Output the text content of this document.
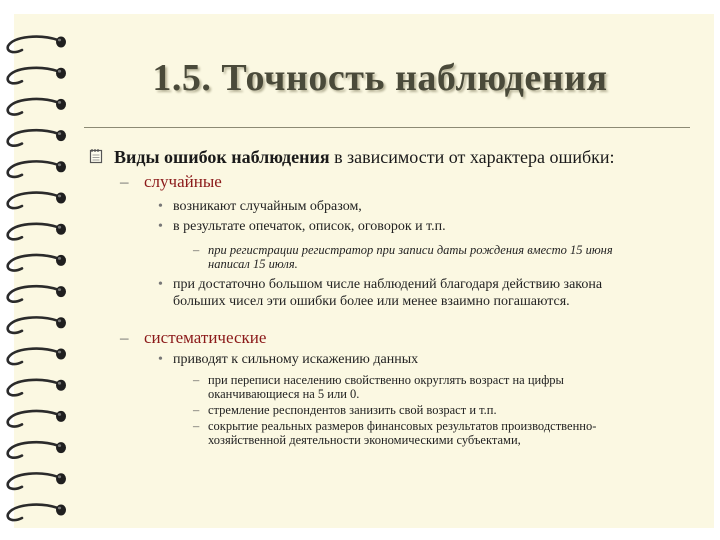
1.5. Точность наблюдения
Виды ошибок наблюдения в зависимости от характера ошибки:
– случайные
• возникают случайным образом,
• в результате опечаток, описок, оговорок и т.п.
– при регистрации регистратор при записи даты рождения вместо 15 июня
написал 15 июля.
• при достаточно большом числе наблюдений благодаря действию закона
больших чисел эти ошибки более или менее взаимно погашаются.
– систематические
• приводят к сильному искажению данных
– при переписи населению свойственно округлять возраст на цифры
оканчивающиеся на 5 или 0.
– стремление респондентов занизить свой возраст и т.п.
– сокрытие реальных размеров финансовых результатов производственно-
хозяйственной деятельности экономическими субъектами,
